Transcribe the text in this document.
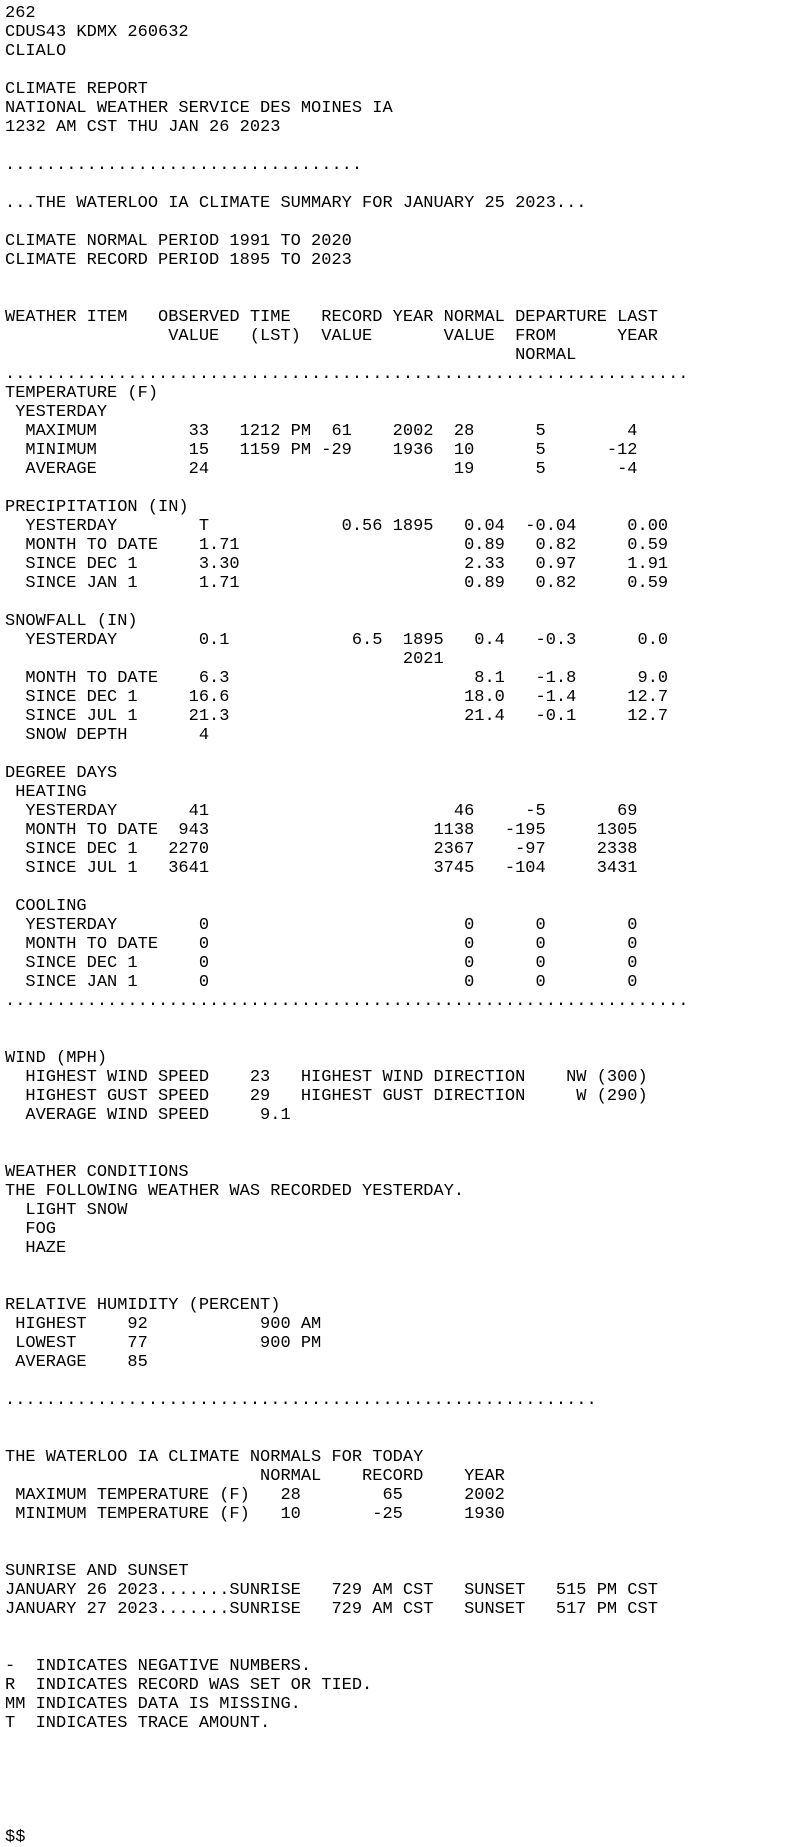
262
CDUS43 KDMX 260632
CLIALO
CLIMATE REPORT
NATIONAL WEATHER SERVICE DES MOINES IA
1232 AM CST THU JAN 26 2023
...................................
...THE WATERLOO IA CLIMATE SUMMARY FOR JANUARY 25 2023...
CLIMATE NORMAL PERIOD 1991 TO 2020
CLIMATE RECORD PERIOD 1895 TO 2023
WEATHER ITEM   OBSERVED TIME   RECORD YEAR NORMAL DEPARTURE LAST
VALUE   (LST)  VALUE       VALUE  FROM      YEAR
NORMAL
...................................................................
TEMPERATURE (F)
YESTERDAY
MAXIMUM         33   1212 PM  61    2002  28      5        4
MINIMUM         15   1159 PM -29    1936  10      5      -12
AVERAGE         24                        19      5       -4
PRECIPITATION (IN)
YESTERDAY        T             0.56 1895   0.04  -0.04     0.00
MONTH TO DATE    1.71                      0.89   0.82     0.59
SINCE DEC 1      3.30                      2.33   0.97     1.91
SINCE JAN 1      1.71                      0.89   0.82     0.59
SNOWFALL (IN)
YESTERDAY        0.1            6.5  1895   0.4   -0.3      0.0
2021
MONTH TO DATE    6.3                        8.1   -1.8      9.0
SINCE DEC 1     16.6                       18.0   -1.4     12.7
SINCE JUL 1     21.3                       21.4   -0.1     12.7
SNOW DEPTH       4
DEGREE DAYS
HEATING
YESTERDAY       41                        46     -5       69
MONTH TO DATE  943                      1138   -195     1305
SINCE DEC 1   2270                      2367    -97     2338
SINCE JUL 1   3641                      3745   -104     3431
COOLING
YESTERDAY        0                         0      0        0
MONTH TO DATE    0                         0      0        0
SINCE DEC 1      0                         0      0        0
SINCE JAN 1      0                         0      0        0
...................................................................
WIND (MPH)
HIGHEST WIND SPEED    23   HIGHEST WIND DIRECTION    NW (300)
HIGHEST GUST SPEED    29   HIGHEST GUST DIRECTION     W (290)
AVERAGE WIND SPEED     9.1
WEATHER CONDITIONS
THE FOLLOWING WEATHER WAS RECORDED YESTERDAY.
LIGHT SNOW
FOG
HAZE
RELATIVE HUMIDITY (PERCENT)
HIGHEST    92           900 AM
LOWEST     77           900 PM
AVERAGE    85
..........................................................
THE WATERLOO IA CLIMATE NORMALS FOR TODAY
NORMAL    RECORD    YEAR
MAXIMUM TEMPERATURE (F)   28        65      2002
MINIMUM TEMPERATURE (F)   10       -25      1930
SUNRISE AND SUNSET
JANUARY 26 2023.......SUNRISE   729 AM CST   SUNSET   515 PM CST
JANUARY 27 2023.......SUNRISE   729 AM CST   SUNSET   517 PM CST
-  INDICATES NEGATIVE NUMBERS.
R  INDICATES RECORD WAS SET OR TIED.
MM INDICATES DATA IS MISSING.
T  INDICATES TRACE AMOUNT.
$$
